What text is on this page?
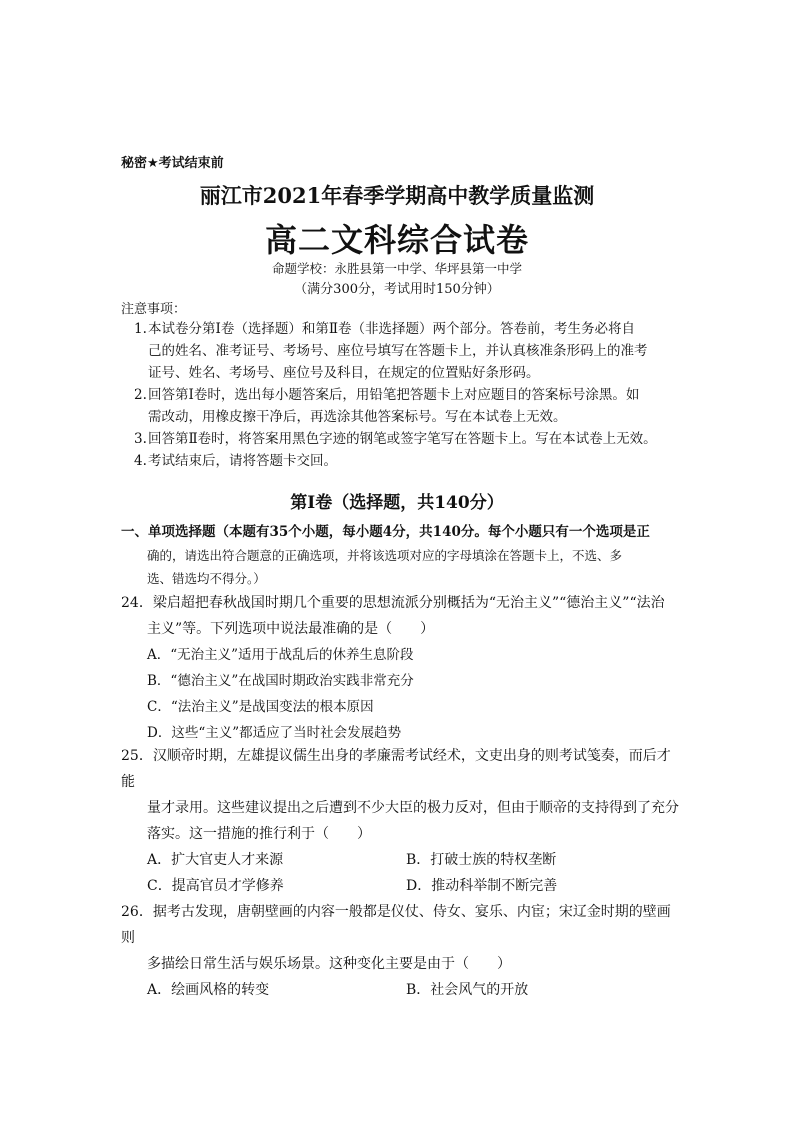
秘密★考试结束前
丽江市2021年春季学期高中教学质量监测
高二文科综合试卷
命题学校：永胜县第一中学、华坪县第一中学
（满分300分，考试用时150分钟）
注意事项：
1. 本试卷分第Ⅰ卷（选择题）和第Ⅱ卷（非选择题）两个部分。答卷前，考生务必将自
己的姓名、准考证号、考场号、座位号填写在答题卡上，并认真核准条形码上的准考
证号、姓名、考场号、座位号及科目，在规定的位置贴好条形码。
2. 回答第Ⅰ卷时，选出每小题答案后，用铅笔把答题卡上对应题目的答案标号涂黑。如
需改动，用橡皮擦干净后，再选涂其他答案标号。写在本试卷上无效。
3. 回答第Ⅱ卷时，将答案用黑色字迹的钢笔或签字笔写在答题卡上。写在本试卷上无效。
4. 考试结束后，请将答题卡交回。
第Ⅰ卷（选择题，共140分）
一、单项选择题（本题有35个小题，每小题4分，共140分。每个小题只有一个选项是正
确的，请选出符合题意的正确选项，并将该选项对应的字母填涂在答题卡上，不选、多
选、错选均不得分。）
24．梁启超把春秋战国时期几个重要的思想流派分别概括为“无治主义”“德治主义”“法治
主义”等。下列选项中说法最准确的是（　　）
A．“无治主义”适用于战乱后的休养生息阶段
B．“德治主义”在战国时期政治实践非常充分
C．“法治主义”是战国变法的根本原因
D．这些“主义”都适应了当时社会发展趋势
25．汉顺帝时期，左雄提议儒生出身的孝廉需考试经术，文吏出身的则考试笺奏，而后才能
量才录用。这些建议提出之后遭到不少大臣的极力反对，但由于顺帝的支持得到了充分
落实。这一措施的推行利于（　　）
A．扩大官吏人才来源	B．打破士族的特权垄断
C．提高官员才学修养	D．推动科举制不断完善
26．据考古发现，唐朝壁画的内容一般都是仪仗、侍女、宴乐、内宦；宋辽金时期的壁画则
多描绘日常生活与娱乐场景。这种变化主要是由于（　　）
A．绘画风格的转变	B．社会风气的开放
